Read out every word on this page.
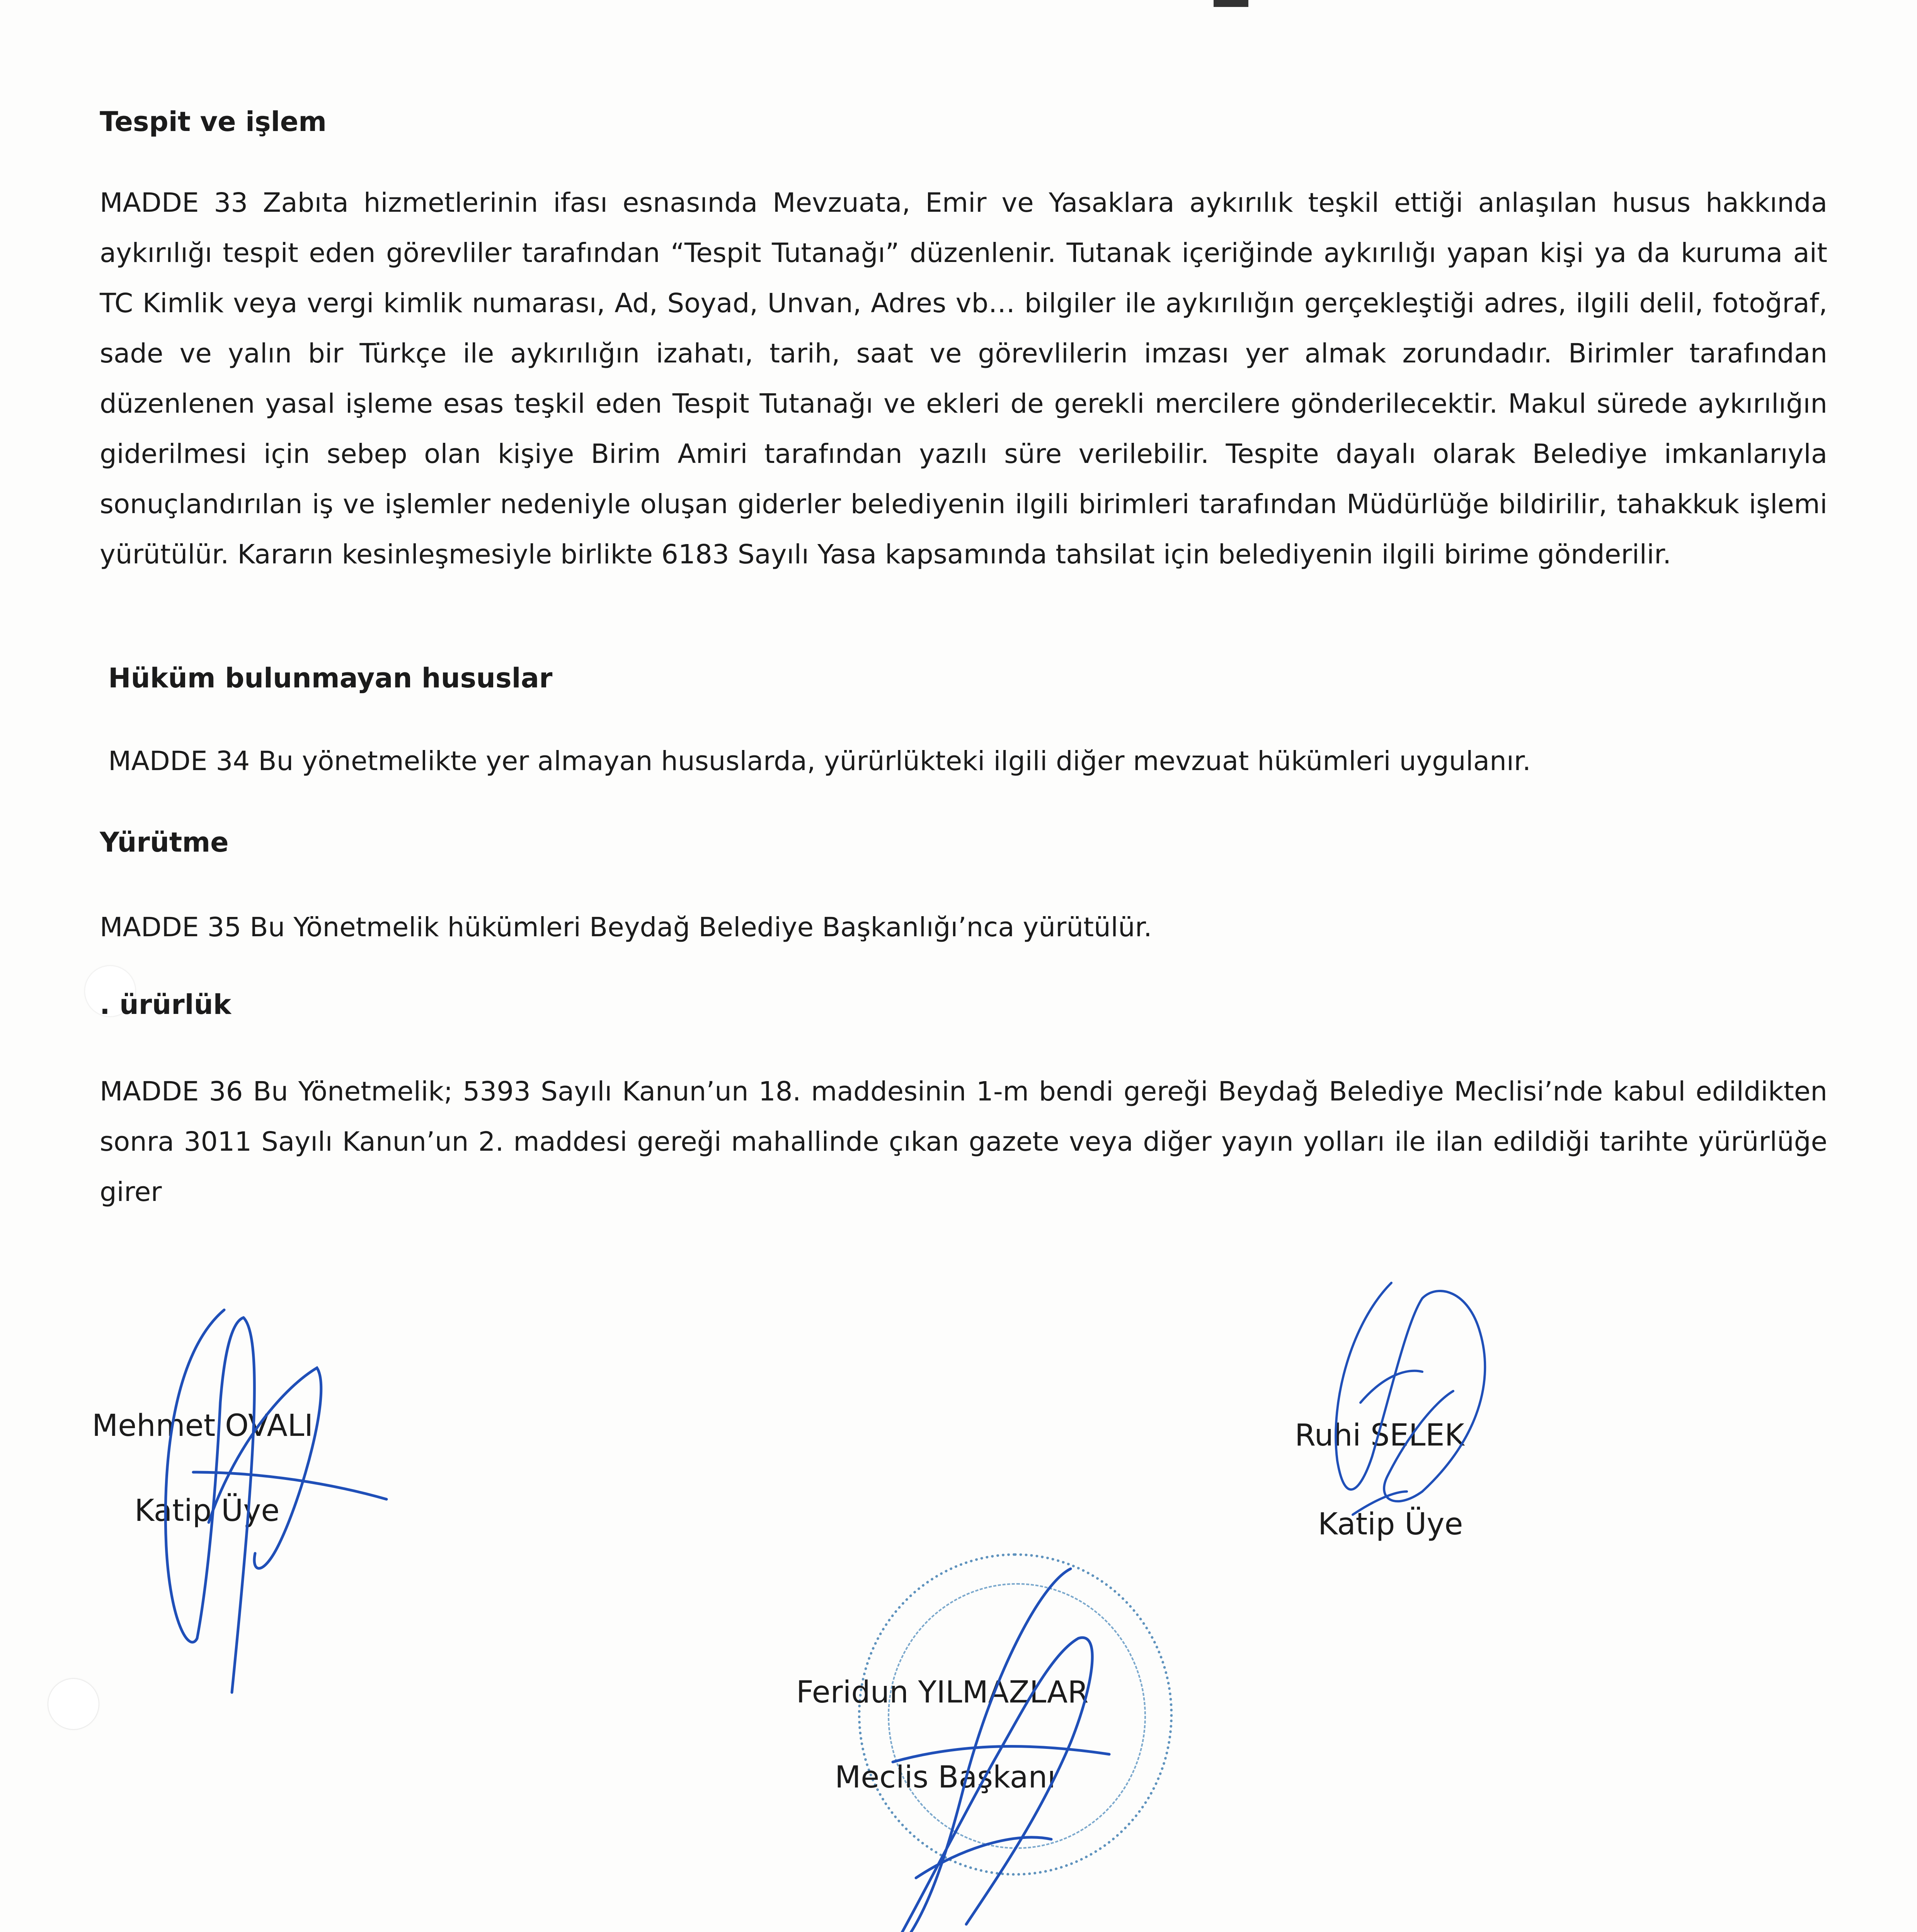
Tespit ve işlem
MADDE 33 Zabıta hizmetlerinin ifası esnasında Mevzuata, Emir ve Yasaklara aykırılık teşkil ettiği anlaşılan husus hakkında aykırılığı tespit eden görevliler tarafından “Tespit Tutanağı” düzenlenir. Tutanak içeriğinde aykırılığı yapan kişi ya da kuruma ait TC Kimlik veya vergi kimlik numarası, Ad, Soyad, Unvan, Adres vb… bilgiler ile aykırılığın gerçekleştiği adres, ilgili delil, fotoğraf, sade ve yalın bir Türkçe ile aykırılığın izahatı, tarih, saat ve görevlilerin imzası yer almak zorundadır. Birimler tarafından düzenlenen yasal işleme esas teşkil eden Tespit Tutanağı ve ekleri de gerekli mercilere gönderilecektir. Makul sürede aykırılığın giderilmesi için sebep olan kişiye Birim Amiri tarafından yazılı süre verilebilir. Tespite dayalı olarak Belediye imkanlarıyla sonuçlandırılan iş ve işlemler nedeniyle oluşan giderler belediyenin ilgili birimleri tarafından Müdürlüğe bildirilir, tahakkuk işlemi yürütülür. Kararın kesinleşmesiyle birlikte 6183 Sayılı Yasa kapsamında tahsilat için belediyenin ilgili birime gönderilir.
Hüküm bulunmayan hususlar
MADDE 34 Bu yönetmelikte yer almayan hususlarda, yürürlükteki ilgili diğer mevzuat hükümleri uygulanır.
Yürütme
MADDE 35 Bu Yönetmelik hükümleri Beydağ Belediye Başkanlığı’nca yürütülür.
. ürürlük
MADDE 36 Bu Yönetmelik; 5393 Sayılı Kanun’un 18. maddesinin 1-m bendi gereği Beydağ Belediye Meclisi’nde kabul edildikten sonra 3011 Sayılı Kanun’un 2. maddesi gereği mahallinde çıkan gazete veya diğer yayın yolları ile ilan edildiği tarihte yürürlüğe girer
Mehmet OVALI
Katip Üye
Ruhi SELEK
Katip Üye
Feridun YILMAZLAR
Meclis Başkanı
